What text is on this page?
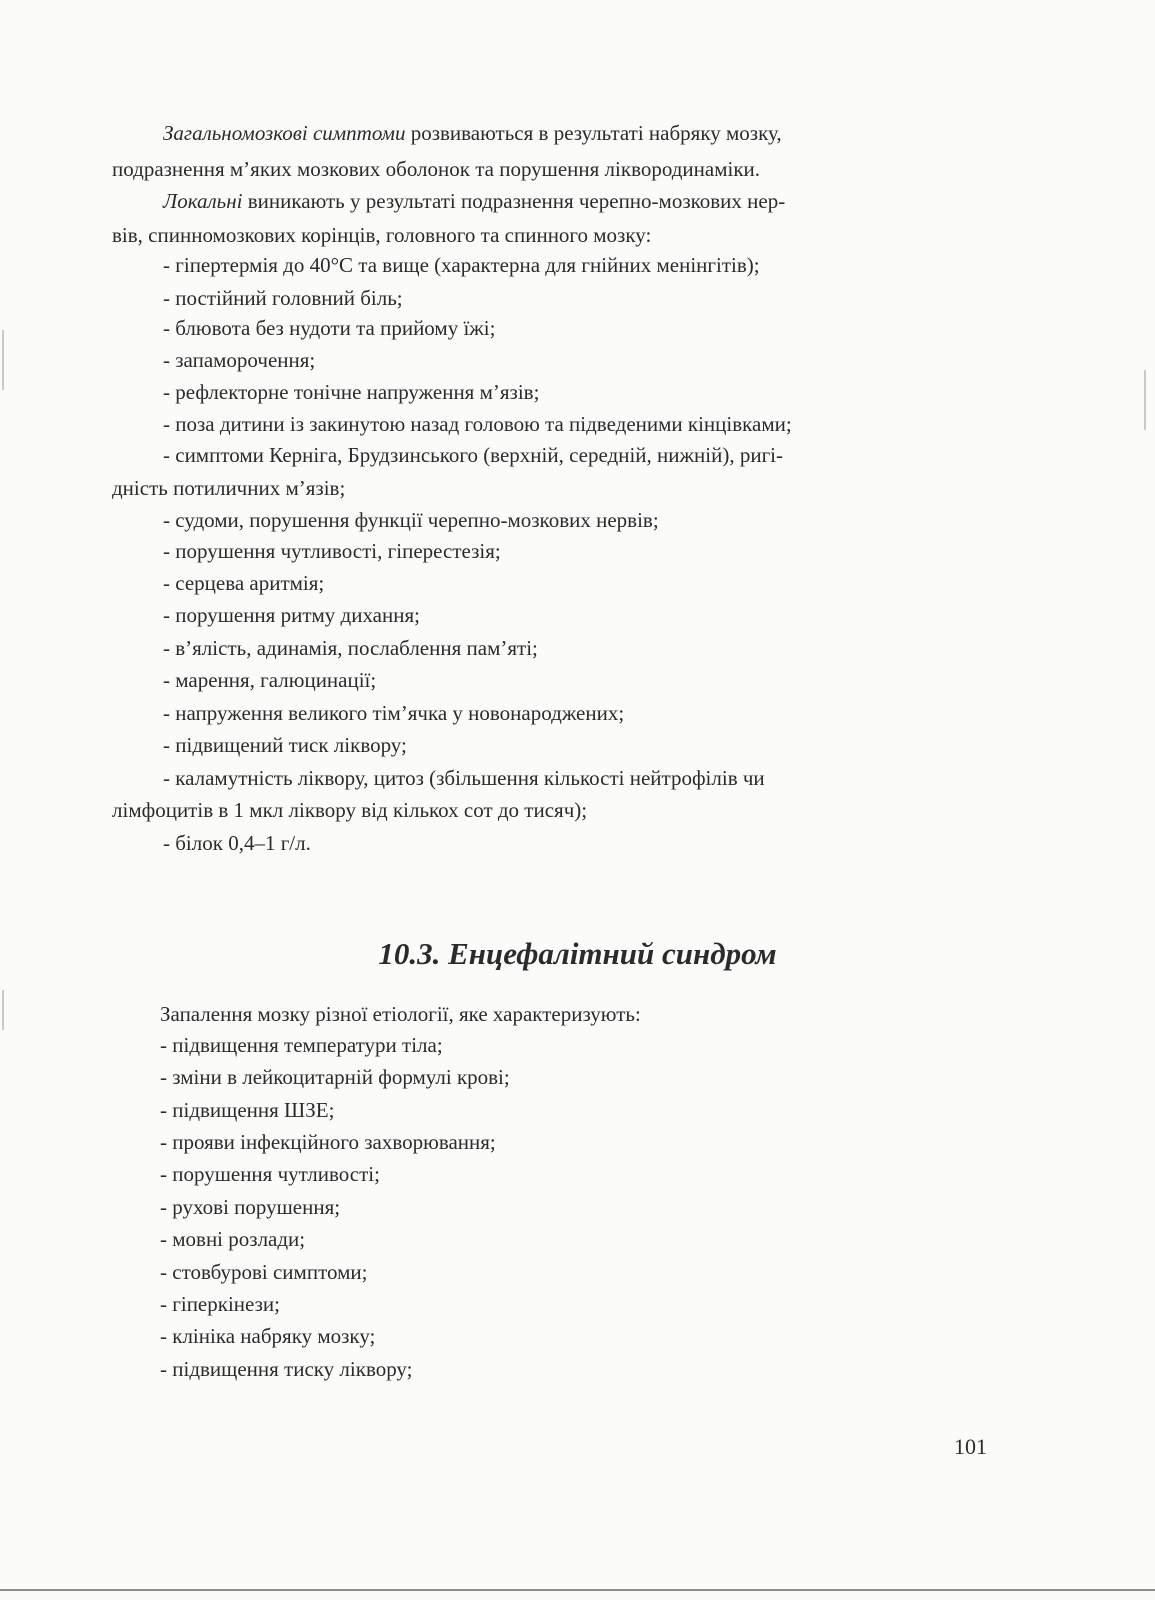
Загальномозкові симптоми розвиваються в результаті набряку мозку,
подразнення м’яких мозкових оболонок та порушення ліквородинаміки.
Локальні виникають у результаті подразнення черепно-мозкових нер-
вів, спинномозкових корінців, головного та спинного мозку:
- гіпертермія до 40°С та вище (характерна для гнійних менінгітів);
- постійний головний біль;
- блювота без нудоти та прийому їжі;
- запаморочення;
- рефлекторне тонічне напруження м’язів;
- поза дитини із закинутою назад головою та підведеними кінцівками;
- симптоми Керніга, Брудзинського (верхній, середній, нижній), ригі-
дність потиличних м’язів;
- судоми, порушення функції черепно-мозкових нервів;
- порушення чутливості, гіперестезія;
- серцева аритмія;
- порушення ритму дихання;
- в’ялість, адинамія, послаблення пам’яті;
- марення, галюцинації;
- напруження великого тім’ячка у новонароджених;
- підвищений тиск ліквору;
- каламутність ліквору, цитоз (збільшення кількості нейтрофілів чи
лімфоцитів в 1 мкл ліквору від кількох сот до тисяч);
- білок 0,4–1 г/л.
10.3. Енцефалітний синдром
Запалення мозку різної етіології, яке характеризують:
- підвищення температури тіла;
- зміни в лейкоцитарній формулі крові;
- підвищення ШЗЕ;
- прояви інфекційного захворювання;
- порушення чутливості;
- рухові порушення;
- мовні розлади;
- стовбурові симптоми;
- гіперкінези;
- клініка набряку мозку;
- підвищення тиску ліквору;
101
